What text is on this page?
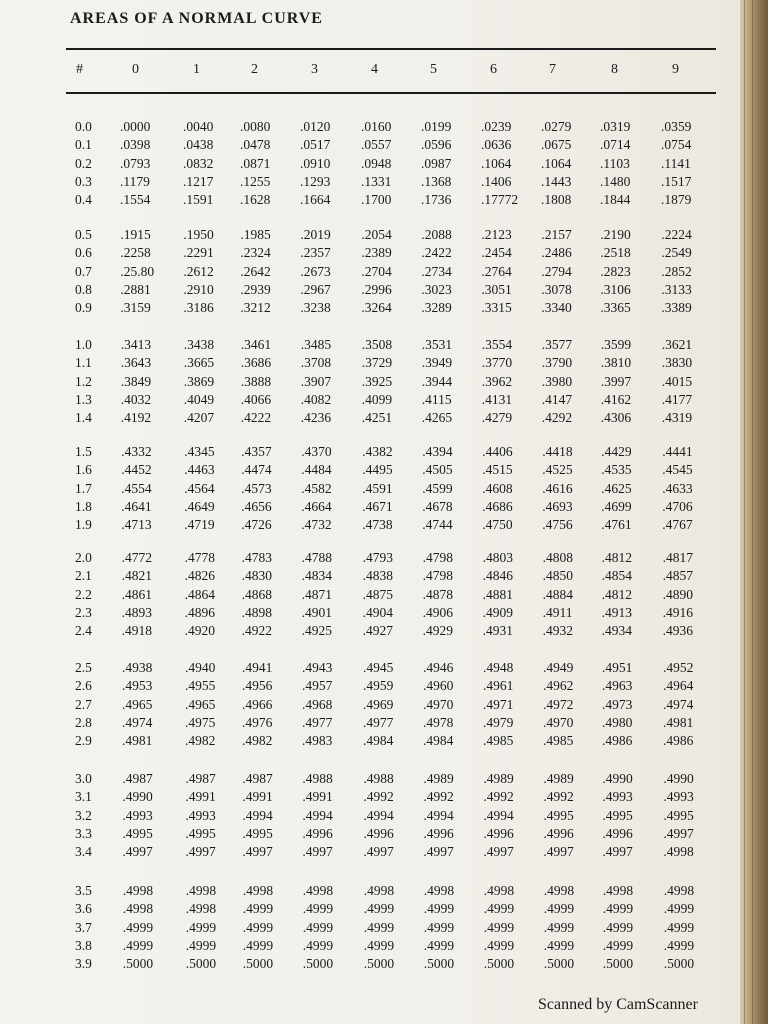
AREAS OF A NORMAL CURVE
#	0	1	2	3	4	5	6	7	8	9
0.0 .0000 .0040 .0080 .0120 .0160 .0199 .0239 .0279 .0319 .0359
0.1 .0398 .0438 .0478 .0517 .0557 .0596 .0636 .0675 .0714 .0754
0.2 .0793 .0832 .0871 .0910 .0948 .0987 .1064 .1064 .1103 .1141
0.3 .1179 .1217 .1255 .1293 .1331 .1368 .1406 .1443 .1480 .1517
0.4 .1554 .1591 .1628 .1664 .1700 .1736 .17772 .1808 .1844 .1879
0.5 .1915 .1950 .1985 .2019 .2054 .2088 .2123 .2157 .2190 .2224
0.6 .2258 .2291 .2324 .2357 .2389 .2422 .2454 .2486 .2518 .2549
0.7 .25.80 .2612 .2642 .2673 .2704 .2734 .2764 .2794 .2823 .2852
0.8 .2881 .2910 .2939 .2967 .2996 .3023 .3051 .3078 .3106 .3133
0.9 .3159 .3186 .3212 .3238 .3264 .3289 .3315 .3340 .3365 .3389
1.0 .3413 .3438 .3461 .3485 .3508 .3531 .3554 .3577 .3599 .3621
1.1 .3643 .3665 .3686 .3708 .3729 .3949 .3770 .3790 .3810 .3830
1.2 .3849 .3869 .3888 .3907 .3925 .3944 .3962 .3980 .3997 .4015
1.3 .4032 .4049 .4066 .4082 .4099 .4115 .4131 .4147 .4162 .4177
1.4 .4192 .4207 .4222 .4236 .4251 .4265 .4279 .4292 .4306 .4319
1.5 .4332 .4345 .4357 .4370 .4382 .4394 .4406 .4418 .4429 .4441
1.6 .4452 .4463 .4474 .4484 .4495 .4505 .4515 .4525 .4535 .4545
1.7 .4554 .4564 .4573 .4582 .4591 .4599 .4608 .4616 .4625 .4633
1.8 .4641 .4649 .4656 .4664 .4671 .4678 .4686 .4693 .4699 .4706
1.9 .4713 .4719 .4726 .4732 .4738 .4744 .4750 .4756 .4761 .4767
2.0 .4772 .4778 .4783 .4788 .4793 .4798 .4803 .4808 .4812 .4817
2.1 .4821 .4826 .4830 .4834 .4838 .4798 .4846 .4850 .4854 .4857
2.2 .4861 .4864 .4868 .4871 .4875 .4878 .4881 .4884 .4812 .4890
2.3 .4893 .4896 .4898 .4901 .4904 .4906 .4909 .4911 .4913 .4916
2.4 .4918 .4920 .4922 .4925 .4927 .4929 .4931 .4932 .4934 .4936
2.5 .4938 .4940 .4941 .4943 .4945 .4946 .4948 .4949 .4951 .4952
2.6 .4953 .4955 .4956 .4957 .4959 .4960 .4961 .4962 .4963 .4964
2.7 .4965 .4965 .4966 .4968 .4969 .4970 .4971 .4972 .4973 .4974
2.8 .4974 .4975 .4976 .4977 .4977 .4978 .4979 .4970 .4980 .4981
2.9 .4981 .4982 .4982 .4983 .4984 .4984 .4985 .4985 .4986 .4986
3.0 .4987 .4987 .4987 .4988 .4988 .4989 .4989 .4989 .4990 .4990
3.1 .4990 .4991 .4991 .4991 .4992 .4992 .4992 .4992 .4993 .4993
3.2 .4993 .4993 .4994 .4994 .4994 .4994 .4994 .4995 .4995 .4995
3.3 .4995 .4995 .4995 .4996 .4996 .4996 .4996 .4996 .4996 .4997
3.4 .4997 .4997 .4997 .4997 .4997 .4997 .4997 .4997 .4997 .4998
3.5 .4998 .4998 .4998 .4998 .4998 .4998 .4998 .4998 .4998 .4998
3.6 .4998 .4998 .4999 .4999 .4999 .4999 .4999 .4999 .4999 .4999
3.7 .4999 .4999 .4999 .4999 .4999 .4999 .4999 .4999 .4999 .4999
3.8 .4999 .4999 .4999 .4999 .4999 .4999 .4999 .4999 .4999 .4999
3.9 .5000 .5000 .5000 .5000 .5000 .5000 .5000 .5000 .5000 .5000
Scanned by CamScanner
